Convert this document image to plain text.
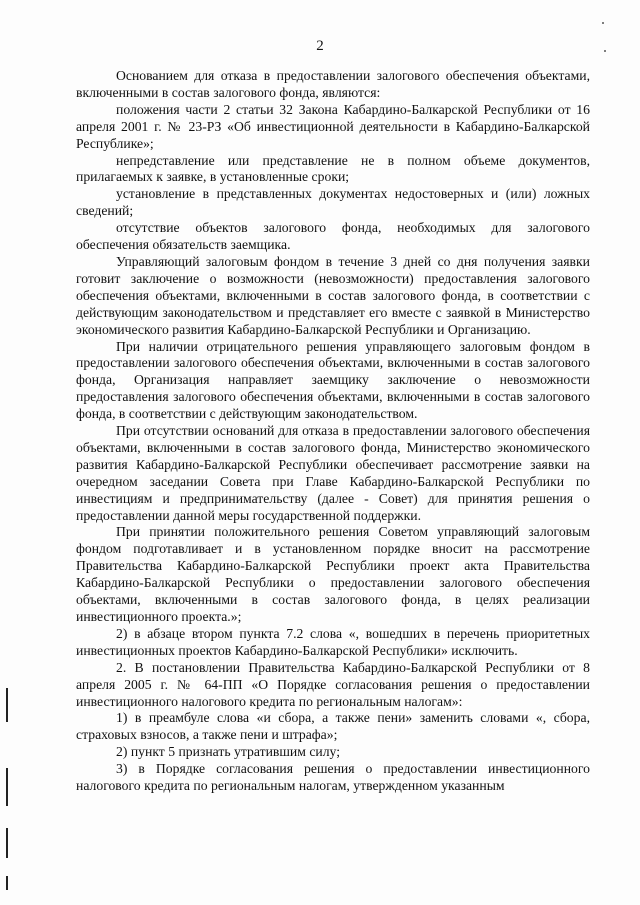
2

Основанием для отказа в предоставлении залогового обеспечения объектами, включенными в состав залогового фонда, являются:

положения части 2 статьи 32 Закона Кабардино-Балкарской Республики от 16 апреля 2001 г. № 23-РЗ «Об инвестиционной деятельности в Кабардино-Балкарской Республике»;

непредставление или представление не в полном объеме документов, прилагаемых к заявке, в установленные сроки;

установление в представленных документах недостоверных и (или) ложных сведений;

отсутствие объектов залогового фонда, необходимых для залогового обеспечения обязательств заемщика.

Управляющий залоговым фондом в течение 3 дней со дня получения заявки готовит заключение о возможности (невозможности) предоставления залогового обеспечения объектами, включенными в состав залогового фонда, в соответствии с действующим законодательством и представляет его вместе с заявкой в Министерство экономического развития Кабардино-Балкарской Республики и Организацию.

При наличии отрицательного решения управляющего залоговым фондом в предоставлении залогового обеспечения объектами, включенными в состав залогового фонда, Организация направляет заемщику заключение о невозможности предоставления залогового обеспечения объектами, включенными в состав залогового фонда, в соответствии с действующим законодательством.

При отсутствии оснований для отказа в предоставлении залогового обеспечения объектами, включенными в состав залогового фонда, Министерство экономического развития Кабардино-Балкарской Республики обеспечивает рассмотрение заявки на очередном заседании Совета при Главе Кабардино-Балкарской Республики по инвестициям и предпринимательству (далее - Совет) для принятия решения о предоставлении данной меры государственной поддержки.

При принятии положительного решения Советом управляющий залоговым фондом подготавливает и в установленном порядке вносит на рассмотрение Правительства Кабардино-Балкарской Республики проект акта Правительства Кабардино-Балкарской Республики о предоставлении залогового обеспечения объектами, включенными в состав залогового фонда, в целях реализации инвестиционного проекта.»;

2) в абзаце втором пункта 7.2 слова «, вошедших в перечень приоритетных инвестиционных проектов Кабардино-Балкарской Республики» исключить.

2. В постановлении Правительства Кабардино-Балкарской Республики от 8 апреля 2005 г. № 64-ПП «О Порядке согласования решения о предоставлении инвестиционного налогового кредита по региональным налогам»:

1) в преамбуле слова «и сбора, а также пени» заменить словами «, сбора, страховых взносов, а также пени и штрафа»;

2) пункт 5 признать утратившим силу;

3) в Порядке согласования решения о предоставлении инвестиционного налогового кредита по региональным налогам, утвержденном указанным
